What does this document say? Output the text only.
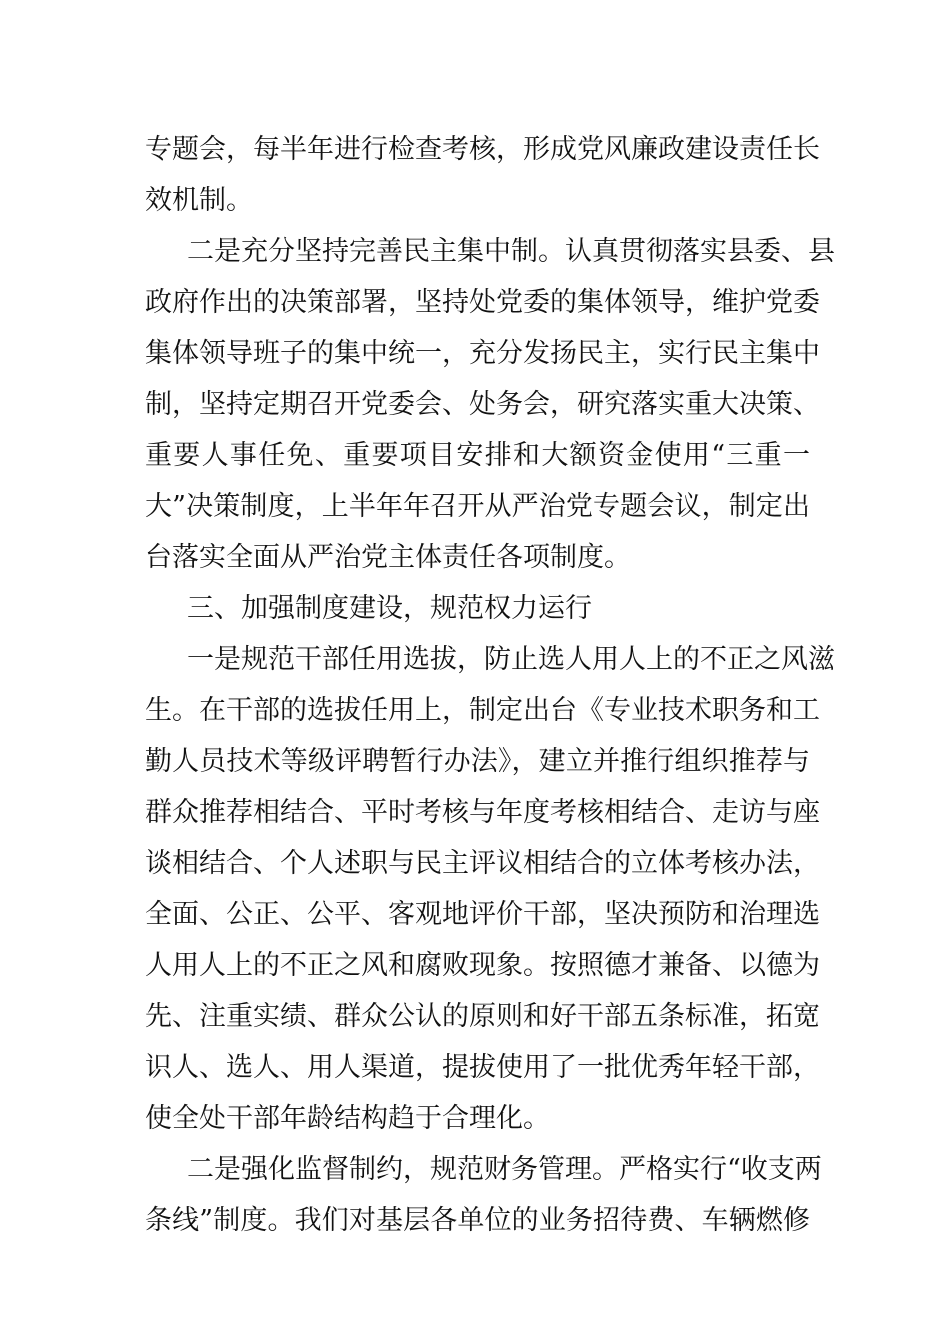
专题会，每半年进行检查考核，形成党风廉政建设责任长
效机制。
二是充分坚持完善民主集中制。认真贯彻落实县委、县
政府作出的决策部署，坚持处党委的集体领导，维护党委
集体领导班子的集中统一，充分发扬民主，实行民主集中
制，坚持定期召开党委会、处务会，研究落实重大决策、
重要人事任免、重要项目安排和大额资金使用“三重一
大”决策制度，上半年年召开从严治党专题会议，制定出
台落实全面从严治党主体责任各项制度。
三、加强制度建设，规范权力运行
一是规范干部任用选拔，防止选人用人上的不正之风滋
生。在干部的选拔任用上，制定出台《专业技术职务和工
勤人员技术等级评聘暂行办法》，建立并推行组织推荐与
群众推荐相结合、平时考核与年度考核相结合、走访与座
谈相结合、个人述职与民主评议相结合的立体考核办法，
全面、公正、公平、客观地评价干部，坚决预防和治理选
人用人上的不正之风和腐败现象。按照德才兼备、以德为
先、注重实绩、群众公认的原则和好干部五条标准，拓宽
识人、选人、用人渠道，提拔使用了一批优秀年轻干部，
使全处干部年龄结构趋于合理化。
二是强化监督制约，规范财务管理。严格实行“收支两
条线”制度。我们对基层各单位的业务招待费、车辆燃修
